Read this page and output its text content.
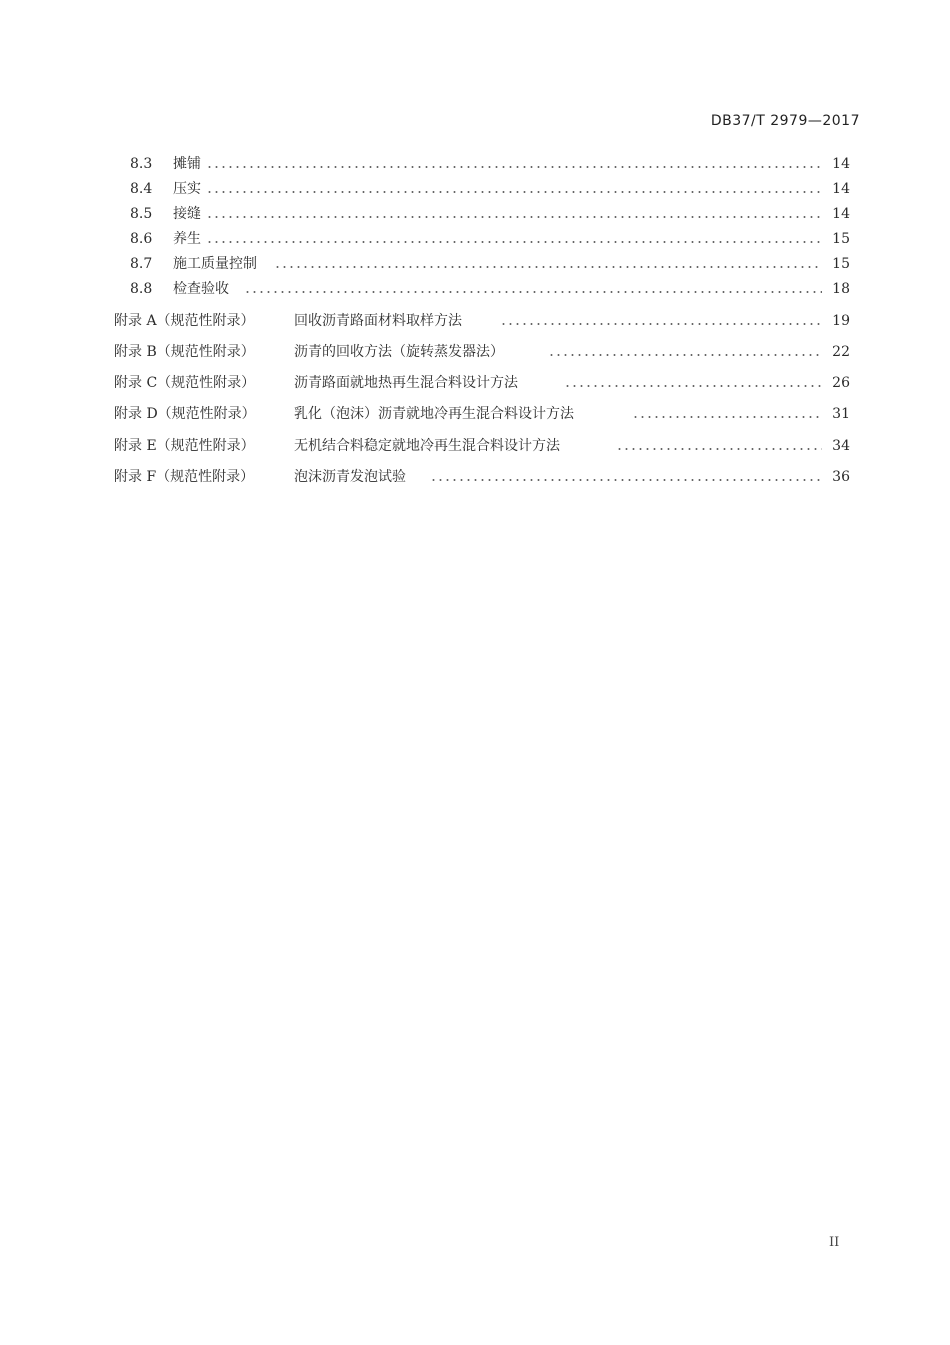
DB37/T 2979—2017
8.3	摊铺	14
8.4	压实	14
8.5	接缝	14
8.6	养生	15
8.7	施工质量控制	15
8.8	检查验收	18
附录 A（规范性附录）	回收沥青路面材料取样方法	19
附录 B（规范性附录）	沥青的回收方法（旋转蒸发器法）	22
附录 C（规范性附录）	沥青路面就地热再生混合料设计方法	26
附录 D（规范性附录）	乳化（泡沫）沥青就地冷再生混合料设计方法	31
附录 E（规范性附录）	无机结合料稳定就地冷再生混合料设计方法	34
附录 F（规范性附录）	泡沫沥青发泡试验	36
II
